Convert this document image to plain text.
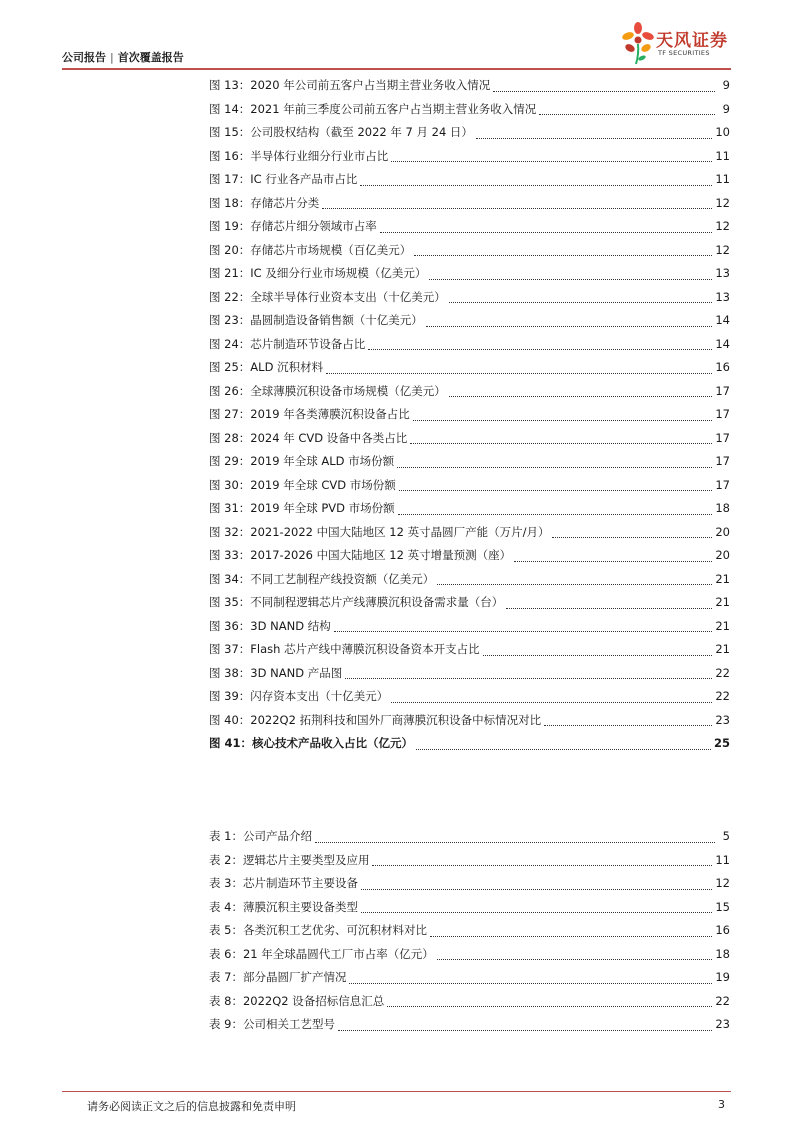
公司报告 | 首次覆盖报告
天风证券
TF SECURITIES
图 13：2020 年公司前五客户占当期主营业务收入情况	9
图 14：2021 年前三季度公司前五客户占当期主营业务收入情况	9
图 15：公司股权结构（截至 2022 年 7 月 24 日）	10
图 16：半导体行业细分行业市占比	11
图 17：IC 行业各产品市占比	11
图 18：存储芯片分类	12
图 19：存储芯片细分领域市占率	12
图 20：存储芯片市场规模（百亿美元）	12
图 21：IC 及细分行业市场规模（亿美元）	13
图 22：全球半导体行业资本支出（十亿美元）	13
图 23：晶圆制造设备销售额（十亿美元）	14
图 24：芯片制造环节设备占比	14
图 25：ALD 沉积材料	16
图 26：全球薄膜沉积设备市场规模（亿美元）	17
图 27：2019 年各类薄膜沉积设备占比	17
图 28：2024 年 CVD 设备中各类占比	17
图 29：2019 年全球 ALD 市场份额	17
图 30：2019 年全球 CVD 市场份额	17
图 31：2019 年全球 PVD 市场份额	18
图 32：2021-2022 中国大陆地区 12 英寸晶圆厂产能（万片/月）	20
图 33：2017-2026 中国大陆地区 12 英寸增量预测（座）	20
图 34：不同工艺制程产线投资额（亿美元）	21
图 35：不同制程逻辑芯片产线薄膜沉积设备需求量（台）	21
图 36：3D NAND 结构	21
图 37：Flash 芯片产线中薄膜沉积设备资本开支占比	21
图 38：3D NAND 产品图	22
图 39：闪存资本支出（十亿美元）	22
图 40：2022Q2 拓荆科技和国外厂商薄膜沉积设备中标情况对比	23
图 41：核心技术产品收入占比（亿元）	25
表 1：公司产品介绍	5
表 2：逻辑芯片主要类型及应用	11
表 3：芯片制造环节主要设备	12
表 4：薄膜沉积主要设备类型	15
表 5：各类沉积工艺优劣、可沉积材料对比	16
表 6：21 年全球晶圆代工厂市占率（亿元）	18
表 7：部分晶圆厂扩产情况	19
表 8：2022Q2 设备招标信息汇总	22
表 9：公司相关工艺型号	23
请务必阅读正文之后的信息披露和免责申明	3
